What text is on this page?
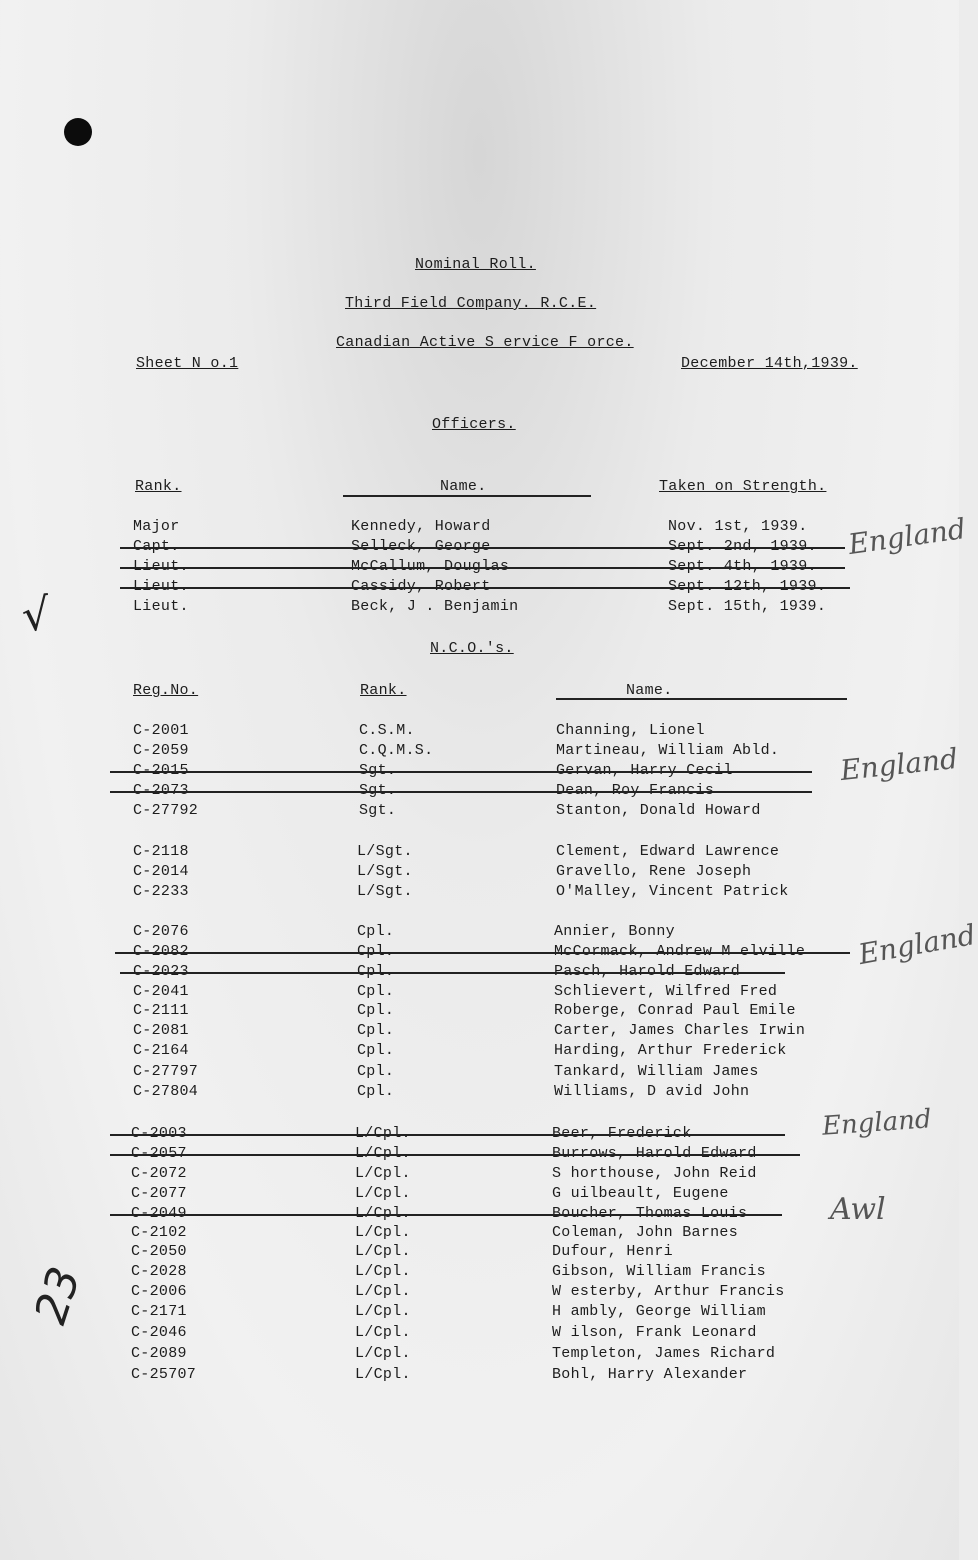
Nominal Roll.
Third Field Company. R.C.E.
Canadian Active S ervice F orce.
Sheet N o.1	December 14th,1939.
Officers.
Rank.	Name.	Taken on Strength.
Major	Kennedy, Howard	Nov. 1st, 1939.
Capt.	Selleck, George	Sept. 2nd, 1939.
Lieut.	McCallum, Douglas	Sept. 4th, 1939.
Lieut.	Cassidy, Robert	Sept. 12th, 1939.
Lieut.	Beck, J . Benjamin	Sept. 15th, 1939.
N.C.O.'s.
Reg.No.	Rank.	Name.
C-2001	C.S.M.	Channing, Lionel
C-2059	C.Q.M.S.	Martineau, William Abld.
C-2015	Sgt.	Gervan, Harry Cecil
C-2073	Sgt.	Dean, Roy Francis
C-27792	Sgt.	Stanton, Donald Howard
C-2118	L/Sgt.	Clement, Edward Lawrence
C-2014	L/Sgt.	Gravello, Rene Joseph
C-2233	L/Sgt.	O'Malley, Vincent Patrick
C-2076	Cpl.	Annier, Bonny
C-2082	Cpl.	McCormack, Andrew M elville
C-2023	Cpl.	Pasch, Harold Edward
C-2041	Cpl.	Schlievert, Wilfred Fred
C-2111	Cpl.	Roberge, Conrad Paul Emile
C-2081	Cpl.	Carter, James Charles Irwin
C-2164	Cpl.	Harding, Arthur Frederick
C-27797	Cpl.	Tankard, William James
C-27804	Cpl.	Williams, D avid John
C-2003	L/Cpl.	Beer, Frederick
C-2057	L/Cpl.	Burrows, Harold Edward
C-2072	L/Cpl.	S horthouse, John Reid
C-2077	L/Cpl.	G uilbeault, Eugene
C-2049	L/Cpl.	Boucher, Thomas Louis
C-2102	L/Cpl.	Coleman, John Barnes
C-2050	L/Cpl.	Dufour, Henri
C-2028	L/Cpl.	Gibson, William Francis
C-2006	L/Cpl.	W esterby, Arthur Francis
C-2171	L/Cpl.	H ambly, George William
C-2046	L/Cpl.	W ilson, Frank Leonard
C-2089	L/Cpl.	Templeton, James Richard
C-25707	L/Cpl.	Bohl, Harry Alexander
England
England
England
England
Awl
√
23
